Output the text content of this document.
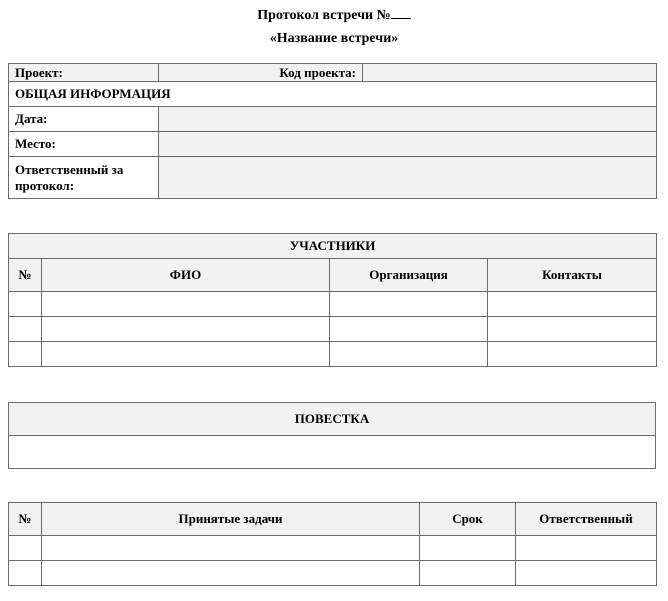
Протокол встречи №
«Название встречи»
Проект:	Код проекта:	
ОБЩАЯ ИНФОРМАЦИЯ		
Дата:		
Место:		

Ответственный за
протокол:		

УЧАСТНИКИ			
№	ФИО	Организация	Контакты

ПОВЕСТКА

№	Принятые задачи	Срок	Ответственный
